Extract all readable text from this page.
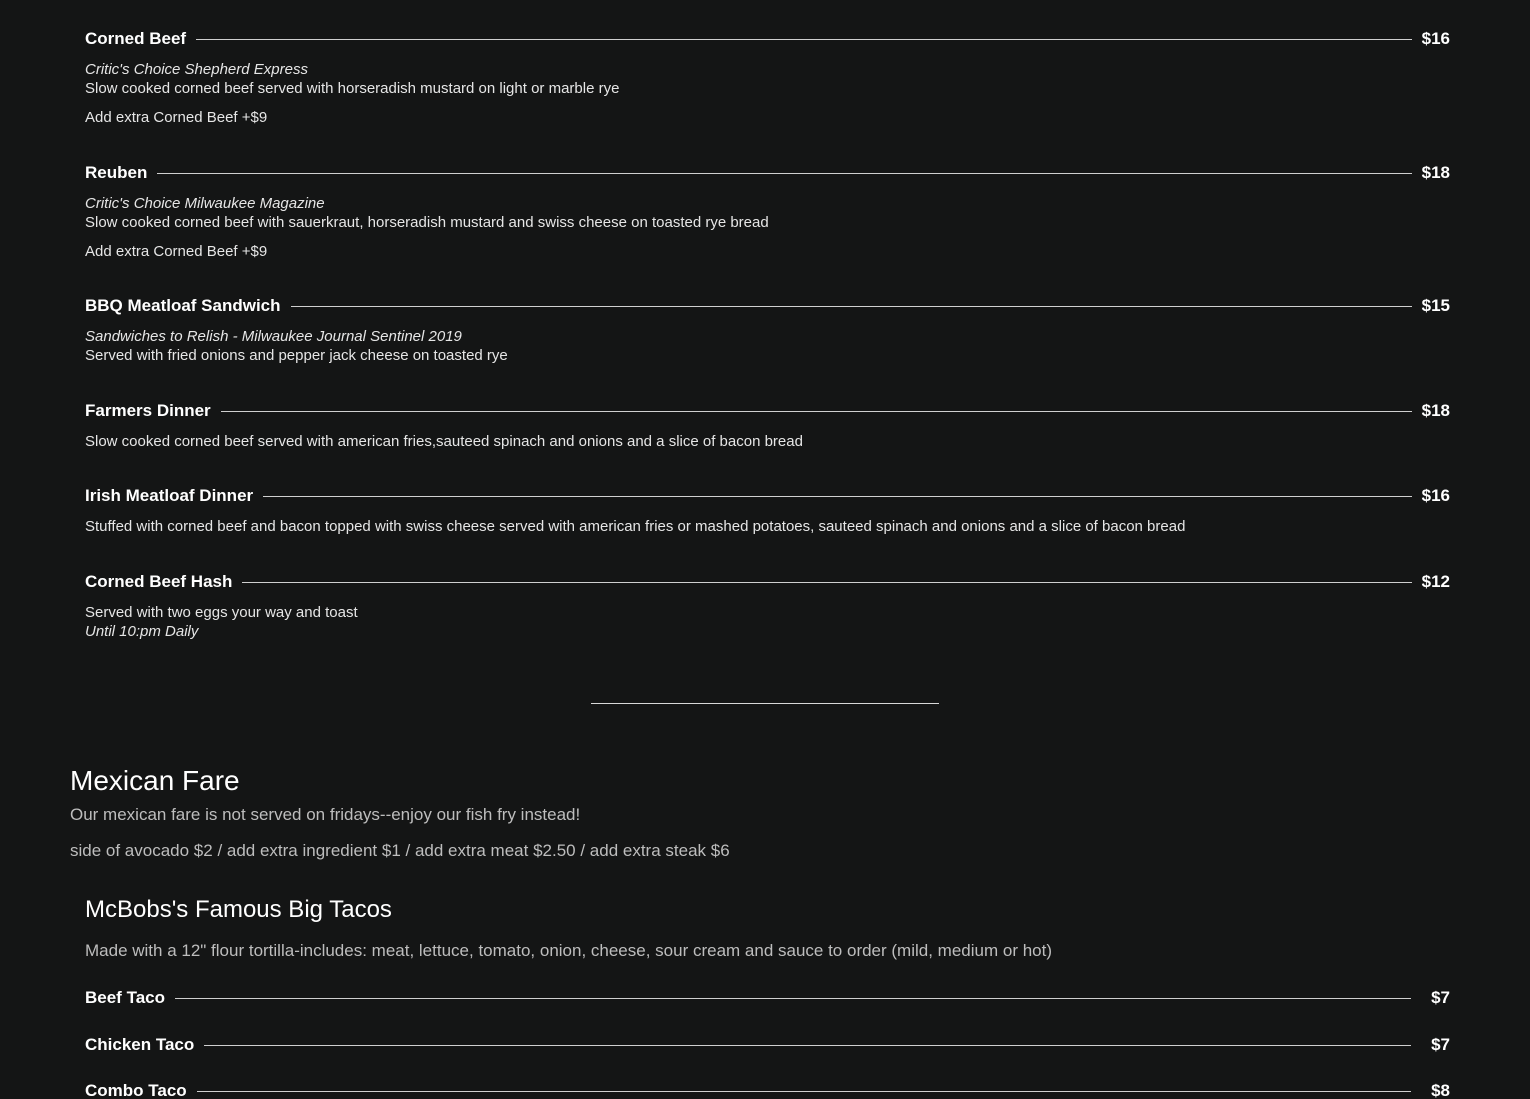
Corned Beef	$16
Critic's Choice Shepherd Express
Slow cooked corned beef served with horseradish mustard on light or marble rye
Add extra Corned Beef +$9
Reuben	$18
Critic's Choice Milwaukee Magazine
Slow cooked corned beef with sauerkraut, horseradish mustard and swiss cheese on toasted rye bread
Add extra Corned Beef +$9
BBQ Meatloaf Sandwich	$15
Sandwiches to Relish - Milwaukee Journal Sentinel 2019
Served with fried onions and pepper jack cheese on toasted rye
Farmers Dinner	$18
Slow cooked corned beef served with american fries,sauteed spinach and onions and a slice of bacon bread
Irish Meatloaf Dinner	$16
Stuffed with corned beef and bacon topped with swiss cheese served with american fries or mashed potatoes, sauteed spinach and onions and a slice of bacon bread
Corned Beef Hash	$12
Served with two eggs your way and toast
Until 10:pm Daily
Mexican Fare
Our mexican fare is not served on fridays--enjoy our fish fry instead!
side of avocado $2 / add extra ingredient $1 / add extra meat $2.50 / add extra steak $6
McBobs's Famous Big Tacos
Made with a 12" flour tortilla-includes: meat, lettuce, tomato, onion, cheese, sour cream and sauce to order (mild, medium or hot)
Beef Taco	$7
Chicken Taco	$7
Combo Taco	$8
